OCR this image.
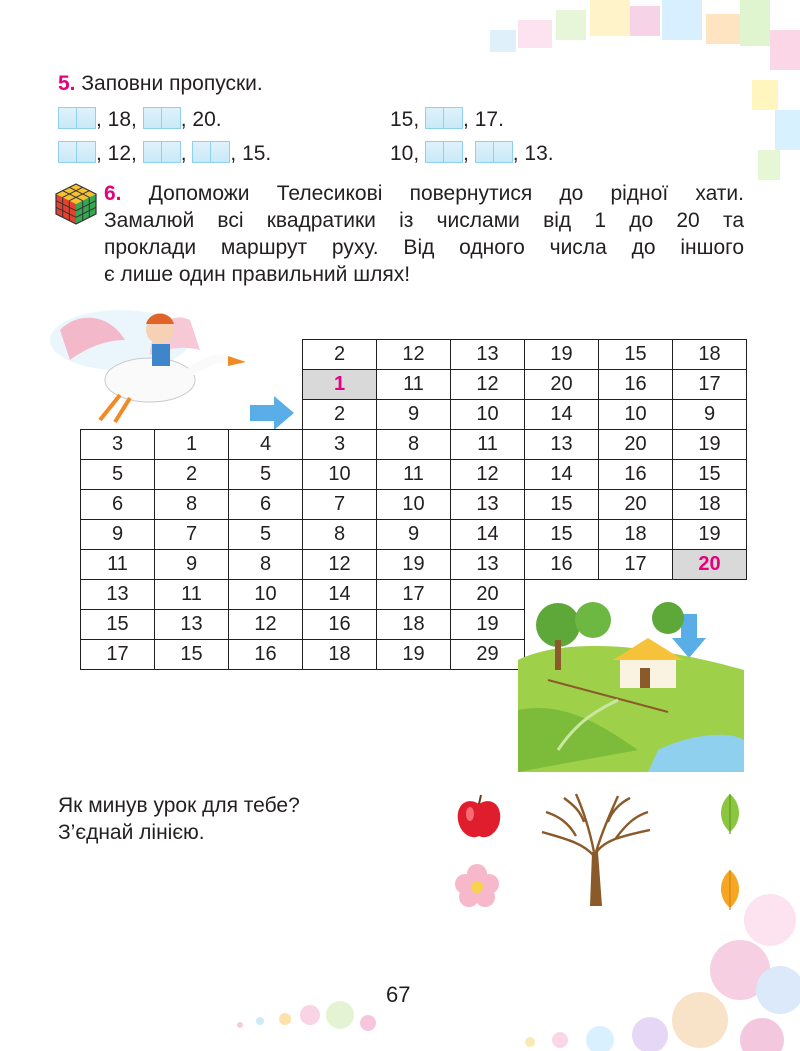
5. Заповни пропуски.
, 18, , 20.	15, , 17.
, 12, , , 15.	10, , , 13.
6. Допоможи Телесикові повернутися до рідної хати.
Замалюй всі квадратики із числами від 1 до 20 та
проклади маршрут руху. Від одного числа до іншого
є лише один правильний шлях!
			2	12	13	19	15	18
			1	11	12	20	16	17
			2	9	10	14	10	9
3	1	4	3	8	11	13	20	19
5	2	5	10	11	12	14	16	15
6	8	6	7	10	13	15	20	18
9	7	5	8	9	14	15	18	19
11	9	8	12	19	13	16	17	20
13	11	10	14	17	20			
15	13	12	16	18	19			
17	15	16	18	19	29			
Як минув урок для тебе?
З’єднай лінією.
67
